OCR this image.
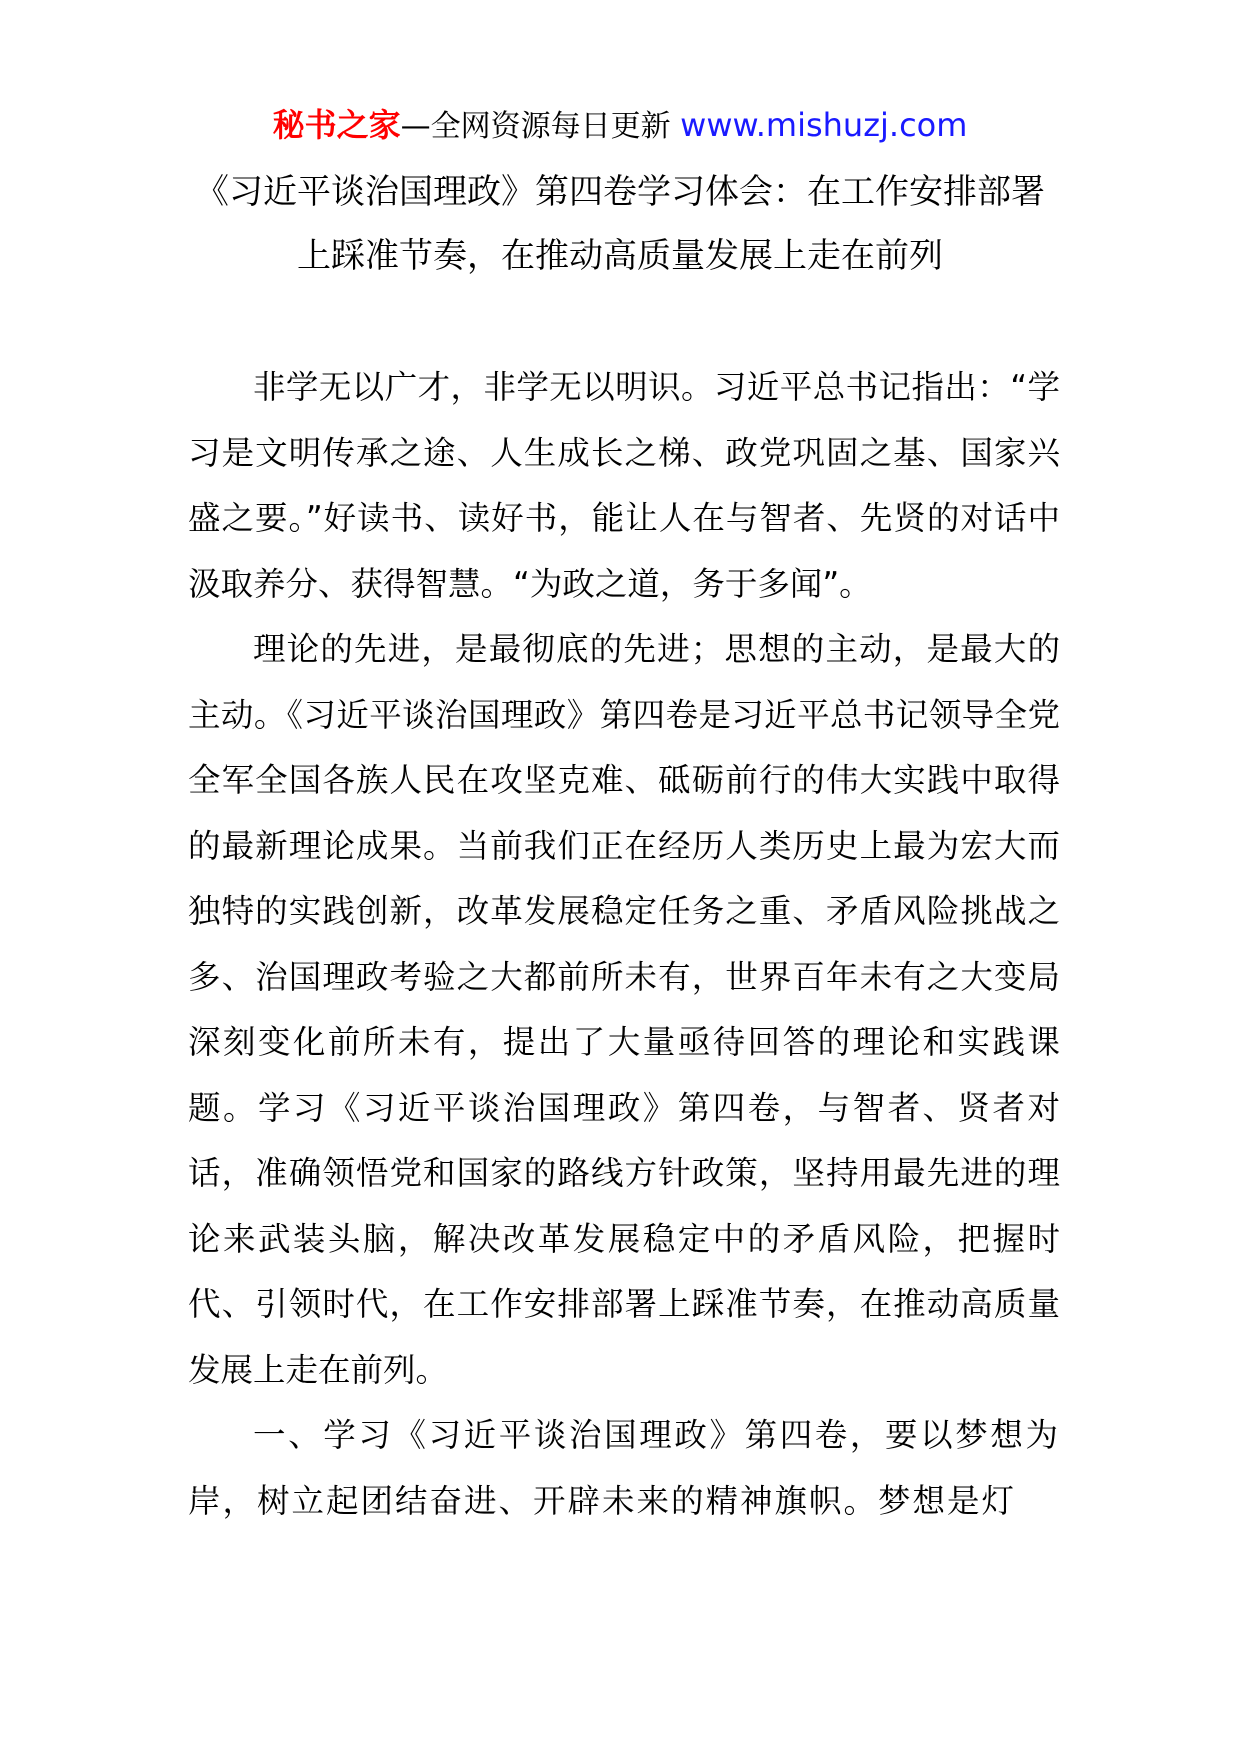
秘书之家—全网资源每日更新 www.mishuzj.com
《习近平谈治国理政》第四卷学习体会：在工作安排部署
上踩准节奏，在推动高质量发展上走在前列

非学无以广才，非学无以明识。习近平总书记指出：“学习是文明传承之途、人生成长之梯、政党巩固之基、国家兴盛之要。”好读书、读好书，能让人在与智者、先贤的对话中汲取养分、获得智慧。“为政之道，务于多闻”。

理论的先进，是最彻底的先进；思想的主动，是最大的主动。《习近平谈治国理政》第四卷是习近平总书记领导全党全军全国各族人民在攻坚克难、砥砺前行的伟大实践中取得的最新理论成果。当前我们正在经历人类历史上最为宏大而独特的实践创新，改革发展稳定任务之重、矛盾风险挑战之多、治国理政考验之大都前所未有，世界百年未有之大变局深刻变化前所未有，提出了大量亟待回答的理论和实践课题。学习《习近平谈治国理政》第四卷，与智者、贤者对话，准确领悟党和国家的路线方针政策，坚持用最先进的理论来武装头脑，解决改革发展稳定中的矛盾风险，把握时代、引领时代，在工作安排部署上踩准节奏，在推动高质量发展上走在前列。

一、学习《习近平谈治国理政》第四卷，要以梦想为岸，树立起团结奋进、开辟未来的精神旗帜。梦想是灯
